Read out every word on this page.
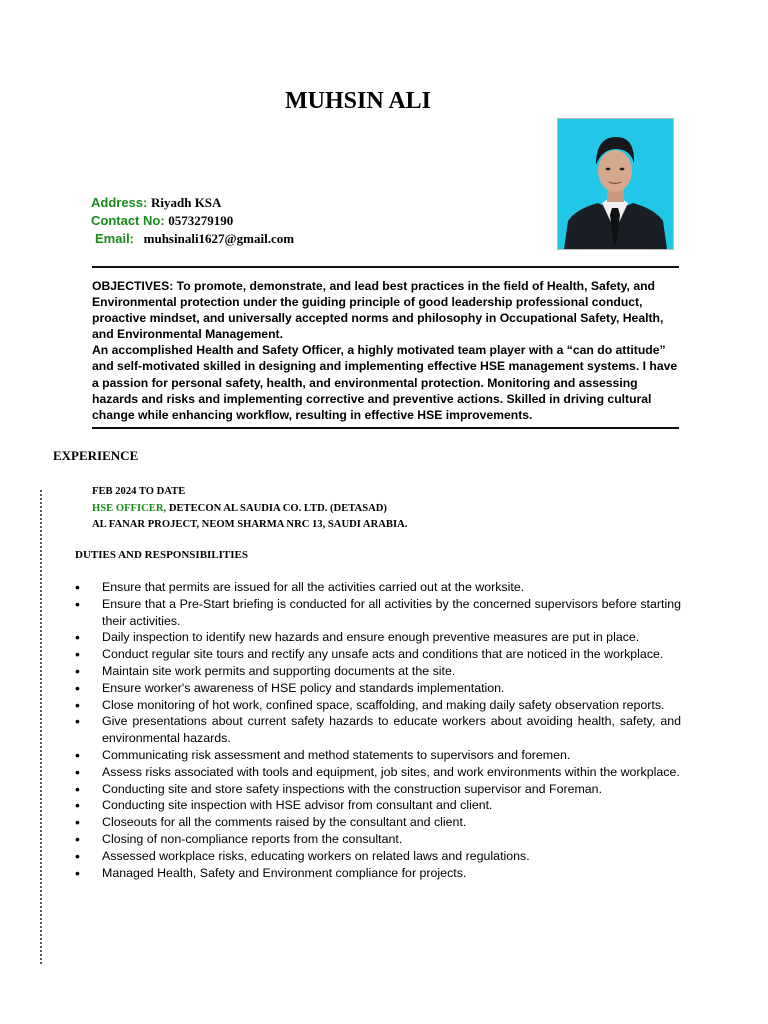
MUHSIN ALI
Address: Riyadh KSA
Contact No: 0573279190
Email: muhsinali1627@gmail.com

OBJECTIVES: To promote, demonstrate, and lead best practices in the field of Health, Safety, and Environmental protection under the guiding principle of good leadership professional conduct, proactive mindset, and universally accepted norms and philosophy in Occupational Safety, Health, and Environmental Management.

An accomplished Health and Safety Officer, a highly motivated team player with a “can do attitude” and self-motivated skilled in designing and implementing effective HSE management systems. I have a passion for personal safety, health, and environmental protection. Monitoring and assessing hazards and risks and implementing corrective and preventive actions. Skilled in driving cultural change while enhancing workflow, resulting in effective HSE improvements.

EXPERIENCE
FEB 2024 TO DATE
HSE OFFICER, DETECON AL SAUDIA CO. LTD. (DETASAD)
AL FANAR PROJECT, NEOM SHARMA NRC 13, SAUDI ARABIA.
DUTIES AND RESPONSIBILITIES
• Ensure that permits are issued for all the activities carried out at the worksite.
• Ensure that a Pre-Start briefing is conducted for all activities by the concerned supervisors before starting their activities.
• Daily inspection to identify new hazards and ensure enough preventive measures are put in place.
• Conduct regular site tours and rectify any unsafe acts and conditions that are noticed in the workplace.
• Maintain site work permits and supporting documents at the site.
• Ensure worker's awareness of HSE policy and standards implementation.
• Close monitoring of hot work, confined space, scaffolding, and making daily safety observation reports.
• Give presentations about current safety hazards to educate workers about avoiding health, safety, and environmental hazards.
• Communicating risk assessment and method statements to supervisors and foremen.
• Assess risks associated with tools and equipment, job sites, and work environments within the workplace.
• Conducting site and store safety inspections with the construction supervisor and Foreman.
• Conducting site inspection with HSE advisor from consultant and client.
• Closeouts for all the comments raised by the consultant and client.
• Closing of non-compliance reports from the consultant.
• Assessed workplace risks, educating workers on related laws and regulations.
• Managed Health, Safety and Environment compliance for projects.
